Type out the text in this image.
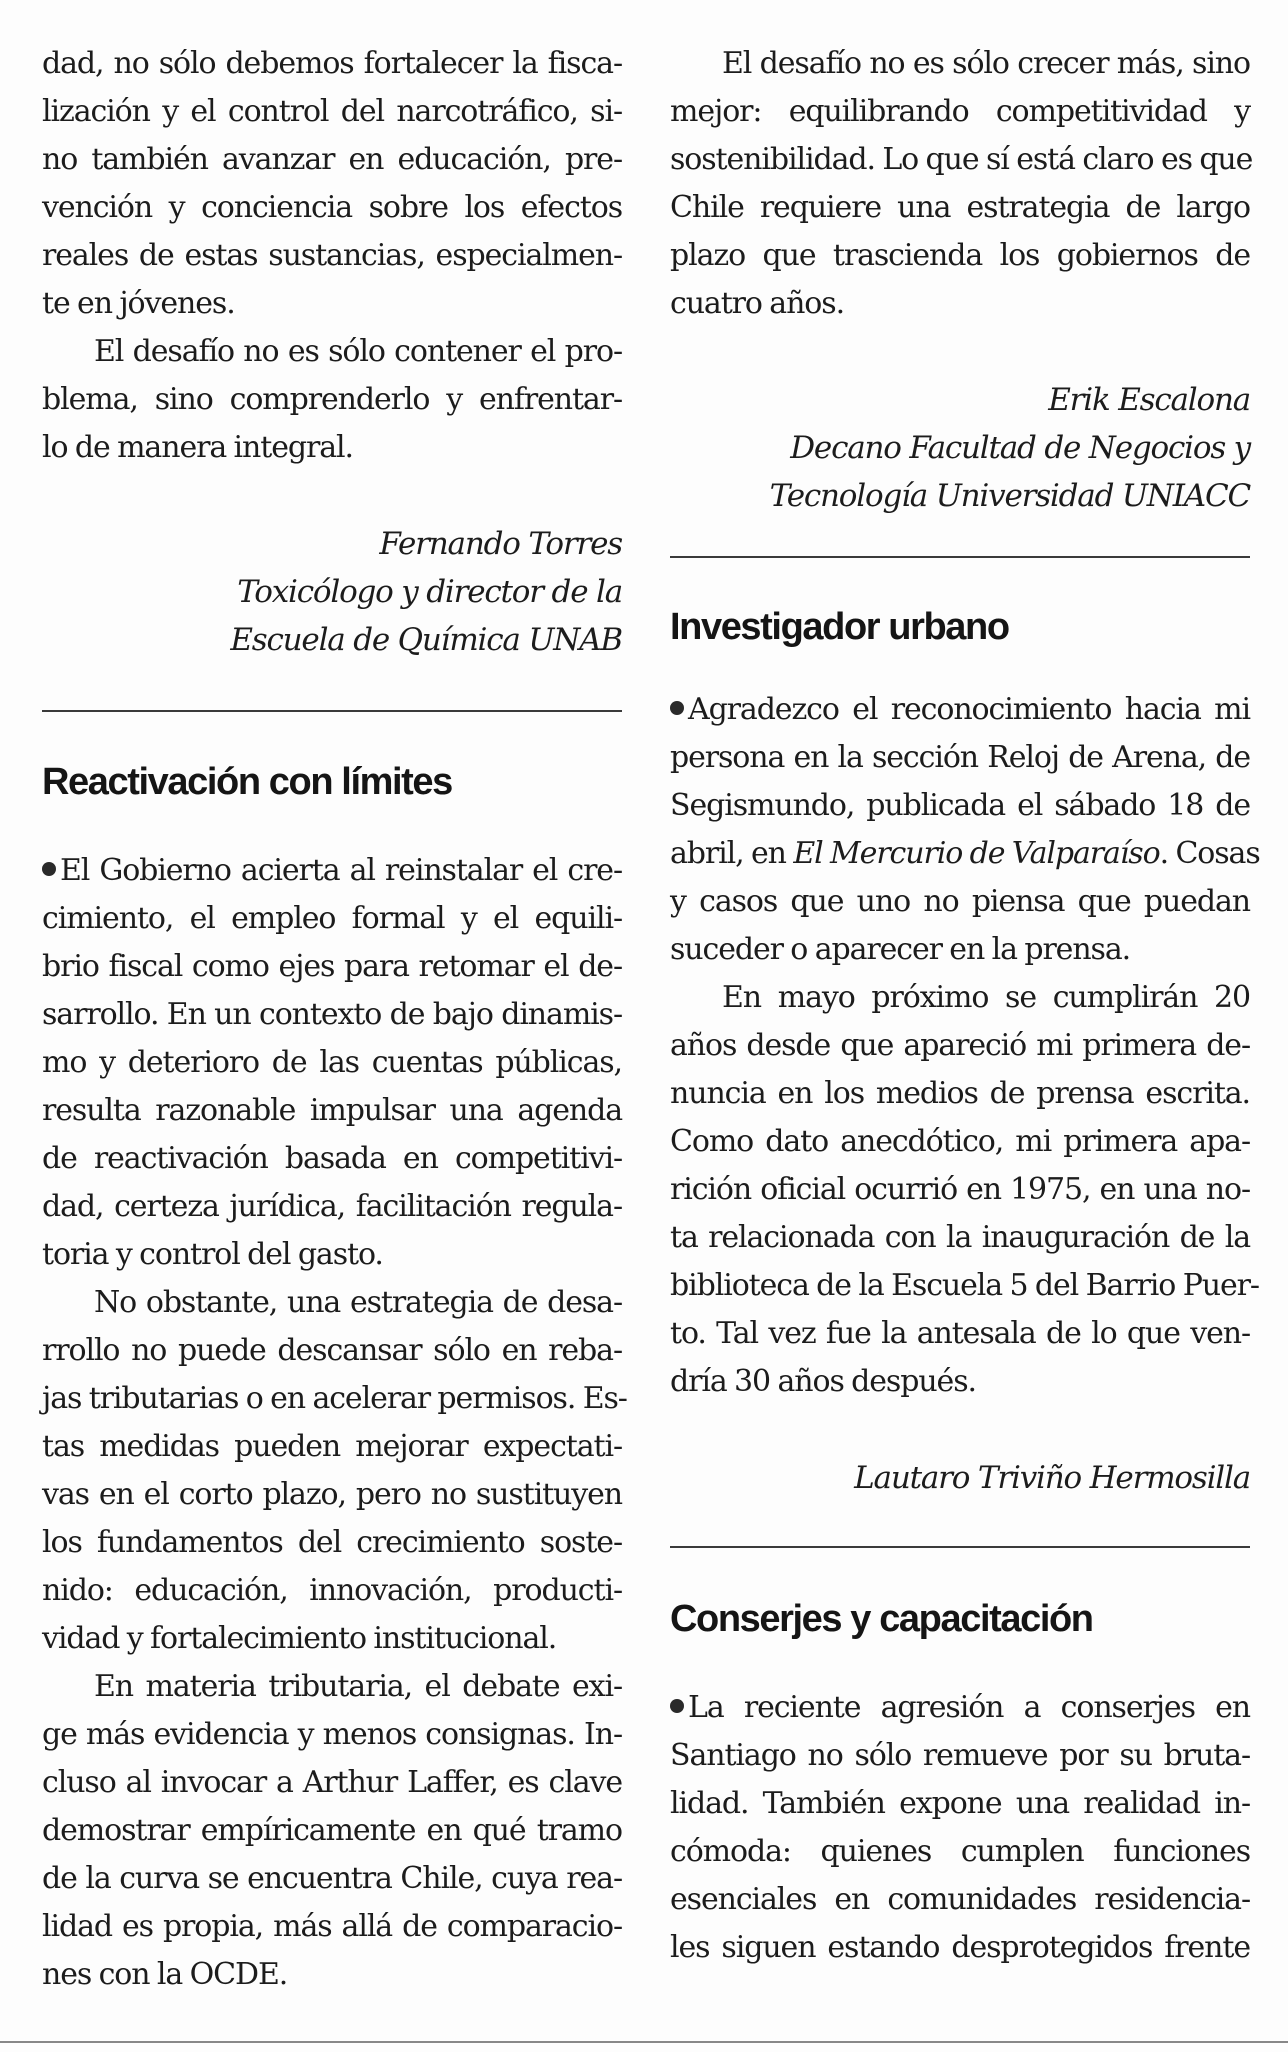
dad, no sólo debemos fortalecer la fisca-
lización y el control del narcotráfico, si-
no también avanzar en educación, pre-
vención y conciencia sobre los efectos
reales de estas sustancias, especialmen-
te en jóvenes.
El desafío no es sólo contener el pro-
blema, sino comprenderlo y enfrentar-
lo de manera integral.
Fernando Torres
Toxicólogo y director de la
Escuela de Química UNAB
Reactivación con límites
El Gobierno acierta al reinstalar el cre-
cimiento, el empleo formal y el equili-
brio fiscal como ejes para retomar el de-
sarrollo. En un contexto de bajo dinamis-
mo y deterioro de las cuentas públicas,
resulta razonable impulsar una agenda
de reactivación basada en competitivi-
dad, certeza jurídica, facilitación regula-
toria y control del gasto.
No obstante, una estrategia de desa-
rrollo no puede descansar sólo en reba-
jas tributarias o en acelerar permisos. Es-
tas medidas pueden mejorar expectati-
vas en el corto plazo, pero no sustituyen
los fundamentos del crecimiento soste-
nido: educación, innovación, producti-
vidad y fortalecimiento institucional.
En materia tributaria, el debate exi-
ge más evidencia y menos consignas. In-
cluso al invocar a Arthur Laffer, es clave
demostrar empíricamente en qué tramo
de la curva se encuentra Chile, cuya rea-
lidad es propia, más allá de comparacio-
nes con la OCDE.
El desafío no es sólo crecer más, sino
mejor: equilibrando competitividad y
sostenibilidad. Lo que sí está claro es que
Chile requiere una estrategia de largo
plazo que trascienda los gobiernos de
cuatro años.
Erik Escalona
Decano Facultad de Negocios y
Tecnología Universidad UNIACC
Investigador urbano
Agradezco el reconocimiento hacia mi
persona en la sección Reloj de Arena, de
Segismundo, publicada el sábado 18 de
abril, en El Mercurio de Valparaíso. Cosas
y casos que uno no piensa que puedan
suceder o aparecer en la prensa.
En mayo próximo se cumplirán 20
años desde que apareció mi primera de-
nuncia en los medios de prensa escrita.
Como dato anecdótico, mi primera apa-
rición oficial ocurrió en 1975, en una no-
ta relacionada con la inauguración de la
biblioteca de la Escuela 5 del Barrio Puer-
to. Tal vez fue la antesala de lo que ven-
dría 30 años después.
Lautaro Triviño Hermosilla
Conserjes y capacitación
La reciente agresión a conserjes en
Santiago no sólo remueve por su bruta-
lidad. También expone una realidad in-
cómoda: quienes cumplen funciones
esenciales en comunidades residencia-
les siguen estando desprotegidos frente
